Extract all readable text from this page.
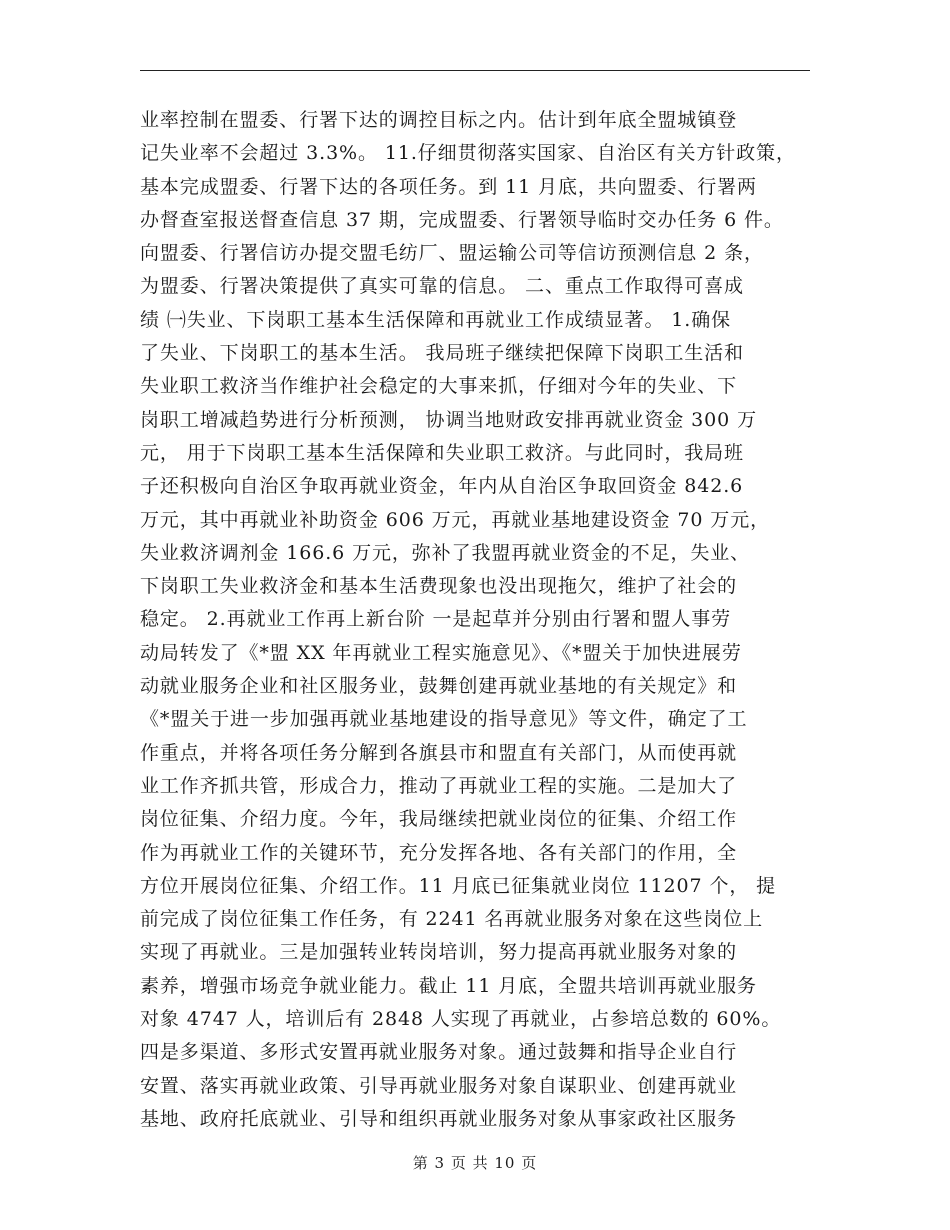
业率控制在盟委、行署下达的调控目标之内。估计到年底全盟城镇登
记失业率不会超过 3.3%。 11.仔细贯彻落实国家、自治区有关方针政策，
基本完成盟委、行署下达的各项任务。到 11 月底，共向盟委、行署两
办督查室报送督查信息 37 期，完成盟委、行署领导临时交办任务 6 件。
向盟委、行署信访办提交盟毛纺厂、盟运输公司等信访预测信息 2 条，
为盟委、行署决策提供了真实可靠的信息。 二、重点工作取得可喜成
绩 ㈠失业、下岗职工基本生活保障和再就业工作成绩显著。 1.确保
了失业、下岗职工的基本生活。 我局班子继续把保障下岗职工生活和
失业职工救济当作维护社会稳定的大事来抓，仔细对今年的失业、下
岗职工增减趋势进行分析预测， 协调当地财政安排再就业资金 300 万
元， 用于下岗职工基本生活保障和失业职工救济。与此同时，我局班
子还积极向自治区争取再就业资金，年内从自治区争取回资金 842.6
万元，其中再就业补助资金 606 万元，再就业基地建设资金 70 万元，
失业救济调剂金 166.6 万元，弥补了我盟再就业资金的不足，失业、
下岗职工失业救济金和基本生活费现象也没出现拖欠，维护了社会的
稳定。 2.再就业工作再上新台阶 一是起草并分别由行署和盟人事劳
动局转发了《*盟 XX 年再就业工程实施意见》、《*盟关于加快进展劳
动就业服务企业和社区服务业，鼓舞创建再就业基地的有关规定》和
《*盟关于进一步加强再就业基地建设的指导意见》等文件，确定了工
作重点，并将各项任务分解到各旗县市和盟直有关部门，从而使再就
业工作齐抓共管，形成合力，推动了再就业工程的实施。二是加大了
岗位征集、介绍力度。今年，我局继续把就业岗位的征集、介绍工作
作为再就业工作的关键环节，充分发挥各地、各有关部门的作用，全
方位开展岗位征集、介绍工作。11 月底已征集就业岗位 11207 个， 提
前完成了岗位征集工作任务，有 2241 名再就业服务对象在这些岗位上
实现了再就业。三是加强转业转岗培训，努力提高再就业服务对象的
素养，增强市场竞争就业能力。截止 11 月底，全盟共培训再就业服务
对象 4747 人，培训后有 2848 人实现了再就业，占参培总数的 60%。
四是多渠道、多形式安置再就业服务对象。通过鼓舞和指导企业自行
安置、落实再就业政策、引导再就业服务对象自谋职业、创建再就业
基地、政府托底就业、引导和组织再就业服务对象从事家政社区服务
第 3 页 共 10 页
